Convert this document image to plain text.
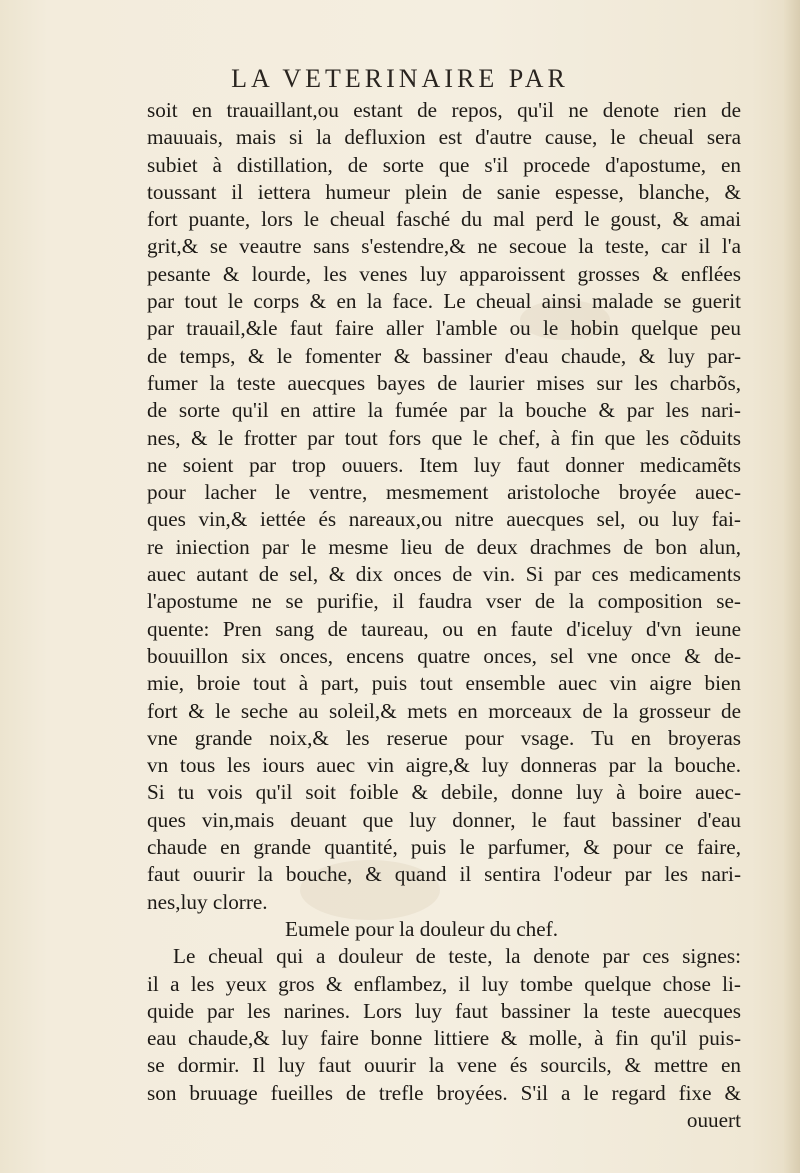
LA VETERINAIRE PAR
soit en trauaillant,ou estant de repos, qu'il ne denote rien de
mauuais, mais si la defluxion est d'autre cause, le cheual sera
subiet à distillation, de sorte que s'il procede d'apostume, en
toussant il iettera humeur plein de sanie espesse, blanche, &
fort puante, lors le cheual fasché du mal perd le goust, & amai
grit,& se veautre sans s'estendre,& ne secoue la teste, car il l'a
pesante & lourde, les venes luy apparoissent grosses & enflées
par tout le corps & en la face. Le cheual ainsi malade se guerit
par trauail,&le faut faire aller l'amble ou le hobin quelque peu
de temps, & le fomenter & bassiner d'eau chaude, & luy par-
fumer la teste auecques bayes de laurier mises sur les charbõs,
de sorte qu'il en attire la fumée par la bouche & par les nari-
nes, & le frotter par tout fors que le chef, à fin que les cõduits
ne soient par trop ouuers. Item luy faut donner medicamẽts
pour lacher le ventre, mesmement aristoloche broyée auec-
ques vin,& iettée és nareaux,ou nitre auecques sel, ou luy fai-
re iniection par le mesme lieu de deux drachmes de bon alun,
auec autant de sel, & dix onces de vin. Si par ces medicaments
l'apostume ne se purifie, il faudra vser de la composition se-
quente: Pren sang de taureau, ou en faute d'iceluy d'vn ieune
bouuillon six onces, encens quatre onces, sel vne once & de-
mie, broie tout à part, puis tout ensemble auec vin aigre bien
fort & le seche au soleil,& mets en morceaux de la grosseur de
vne grande noix,& les reserue pour vsage. Tu en broyeras
vn tous les iours auec vin aigre,& luy donneras par la bouche.
Si tu vois qu'il soit foible & debile, donne luy à boire auec-
ques vin,mais deuant que luy donner, le faut bassiner d'eau
chaude en grande quantité, puis le parfumer, & pour ce faire,
faut ouurir la bouche, & quand il sentira l'odeur par les nari-
nes,luy clorre.
Eumele pour la douleur du chef.
Le cheual qui a douleur de teste, la denote par ces signes:
il a les yeux gros & enflambez, il luy tombe quelque chose li-
quide par les narines. Lors luy faut bassiner la teste auecques
eau chaude,& luy faire bonne littiere & molle, à fin qu'il puis-
se dormir. Il luy faut ouurir la vene és sourcils, & mettre en
son bruuage fueilles de trefle broyées. S'il a le regard fixe &
ouuert
